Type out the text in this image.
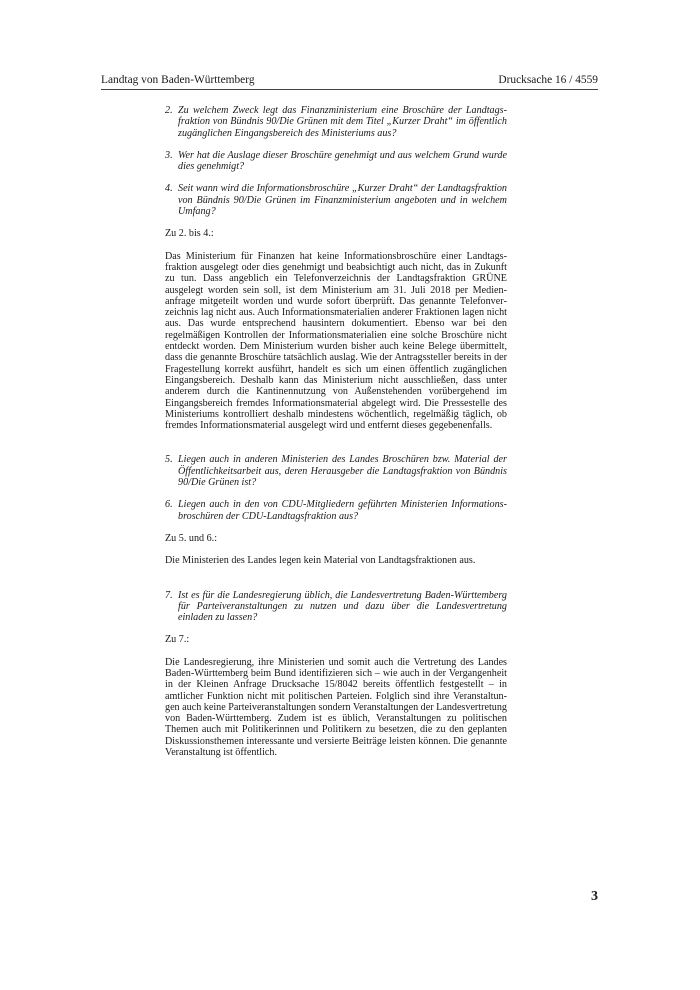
Landtag von Baden-Württemberg	Drucksache 16 / 4559
2. Zu welchem Zweck legt das Finanzministerium eine Broschüre der Landtagsfraktion von Bündnis 90/Die Grünen mit dem Titel „Kurzer Draht“ im öffentlich zugänglichen Eingangsbereich des Ministeriums aus?
3. Wer hat die Auslage dieser Broschüre genehmigt und aus welchem Grund wurde dies genehmigt?
4. Seit wann wird die Informationsbroschüre „Kurzer Draht“ der Landtagsfraktion von Bündnis 90/Die Grünen im Finanzministerium angeboten und in welchem Umfang?
Zu 2. bis 4.:
Das Ministerium für Finanzen hat keine Informationsbroschüre einer Landtagsfraktion ausgelegt oder dies genehmigt und beabsichtigt auch nicht, das in Zukunft zu tun. Dass angeblich ein Telefonverzeichnis der Landtagsfraktion GRÜNE ausgelegt worden sein soll, ist dem Ministerium am 31. Juli 2018 per Medienanfrage mitgeteilt worden und wurde sofort überprüft. Das genannte Telefonverzeichnis lag nicht aus. Auch Informationsmaterialien anderer Fraktionen lagen nicht aus. Das wurde entsprechend hausintern dokumentiert. Ebenso war bei den regelmäßigen Kontrollen der Informationsmaterialien eine solche Broschüre nicht entdeckt worden. Dem Ministerium wurden bisher auch keine Belege übermittelt, dass die genannte Broschüre tatsächlich auslag. Wie der Antragssteller bereits in der Fragestellung korrekt ausführt, handelt es sich um einen öffentlich zugänglichen Eingangsbereich. Deshalb kann das Ministerium nicht ausschließen, dass unter anderem durch die Kantinennutzung von Außenstehenden vorübergehend im Eingangsbereich fremdes Informationsmaterial abgelegt wird. Die Pressestelle des Ministeriums kontrolliert deshalb mindestens wöchentlich, regelmäßig täglich, ob fremdes Informationsmaterial ausgelegt wird und entfernt dieses gegebenenfalls.
5. Liegen auch in anderen Ministerien des Landes Broschüren bzw. Material der Öffentlichkeitsarbeit aus, deren Herausgeber die Landtagsfraktion von Bündnis 90/Die Grünen ist?
6. Liegen auch in den von CDU-Mitgliedern geführten Ministerien Informationsbroschüren der CDU-Landtagsfraktion aus?
Zu 5. und 6.:
Die Ministerien des Landes legen kein Material von Landtagsfraktionen aus.
7. Ist es für die Landesregierung üblich, die Landesvertretung Baden-Württemberg für Parteiveranstaltungen zu nutzen und dazu über die Landesvertretung einladen zu lassen?
Zu 7.:
Die Landesregierung, ihre Ministerien und somit auch die Vertretung des Landes Baden-Württemberg beim Bund identifizieren sich – wie auch in der Vergangenheit in der Kleinen Anfrage Drucksache 15/8042 bereits öffentlich festgestellt – in amtlicher Funktion nicht mit politischen Parteien. Folglich sind ihre Veranstaltungen auch keine Parteiveranstaltungen sondern Veranstaltungen der Landesvertretung von Baden-Württemberg. Zudem ist es üblich, Veranstaltungen zu politischen Themen auch mit Politikerinnen und Politikern zu besetzen, die zu den geplanten Diskussionsthemen interessante und versierte Beiträge leisten können. Die genannte Veranstaltung ist öffentlich.
3
